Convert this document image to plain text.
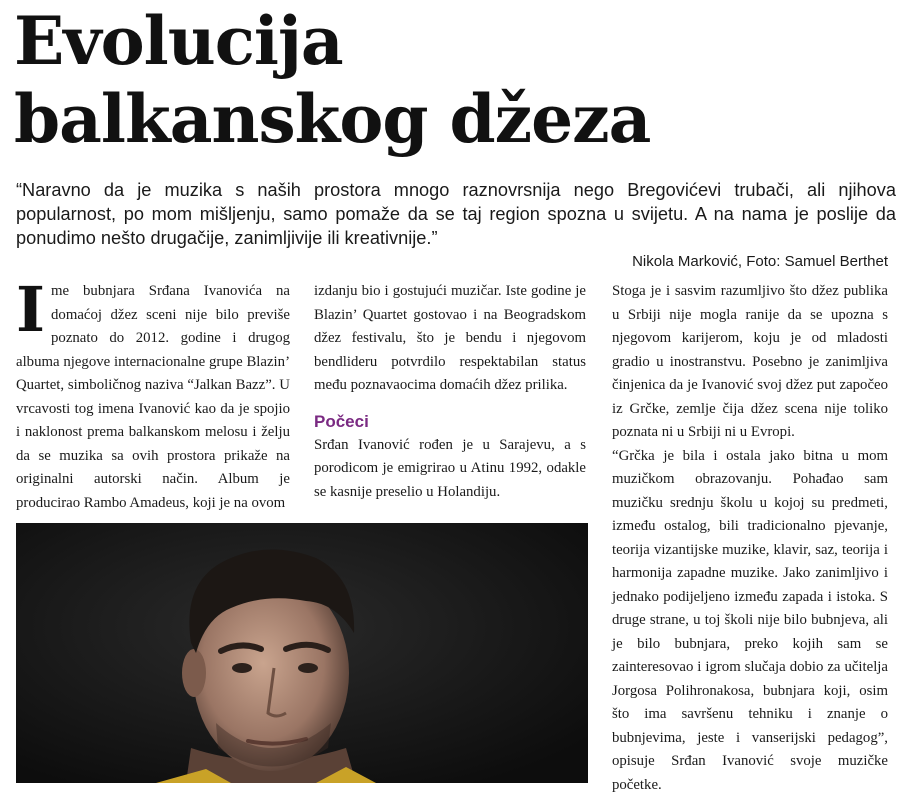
Evolucija
balkanskog džeza

“Naravno da je muzika s naših prostora mnogo raznovrsnija nego Bregovićevi trubači, ali njihova popularnost, po mom mišljenju, samo pomaže da se taj region spozna u svijetu. A na nama je poslije da ponudimo nešto drugačije, zanimljivije ili kreativnije.”

Nikola Marković, Foto: Samuel Berthet
I me bubnjara Srđana Ivanovića na domaćoj džez sceni nije bilo previše poznato do 2012. godine i drugog albuma njegove internacionalne grupe Blazin’ Quartet, simboličnog naziva “Jalkan Bazz”. U vrcavosti tog imena Ivanović kao da je spojio i naklonost prema balkanskom melosu i želju da se muzika sa ovih prostora prikaže na originalni autorski način. Album je producirao Rambo Amadeus, koji je na ovom

izdanju bio i gostujući muzičar. Iste godine je Blazin’ Quartet gostovao i na Beogradskom džez festivalu, što je bendu i njegovom bendlideru potvrdilo respektabilan status među poznavaocima domaćih džez prilika.

Počeci

Srđan Ivanović rođen je u Sarajevu, a s porodicom je emigrirao u Atinu 1992, odakle se kasnije preselio u Holandiju.

Stoga je i sasvim razumljivo što džez publika u Srbiji nije mogla ranije da se upozna s njegovom karijerom, koju je od mladosti gradio u inostranstvu. Posebno je zanimljiva činjenica da je Ivanović svoj džez put započeo iz Grčke, zemlje čija džez scena nije toliko poznata ni u Srbiji ni u Evropi.

“Grčka je bila i ostala jako bitna u mom muzičkom obrazovanju. Pohađao sam muzičku srednju školu u kojoj su predmeti, između ostalog, bili tradicionalno pjevanje, teorija vizantijske muzike, klavir, saz, teorija i harmonija zapadne muzike. Jako zanimljivo i jednako podijeljeno između zapada i istoka. S druge strane, u toj školi nije bilo bubnjeva, ali je bilo bubnjara, preko kojih sam se zainteresovao i igrom slučaja dobio za učitelja Jorgosa Polihronakosa, bubnjara koji, osim što ima savršenu tehniku i znanje o bubnjevima, jeste i vanserijski pedagog”, opisuje Srđan Ivanović svoje muzičke početke.
